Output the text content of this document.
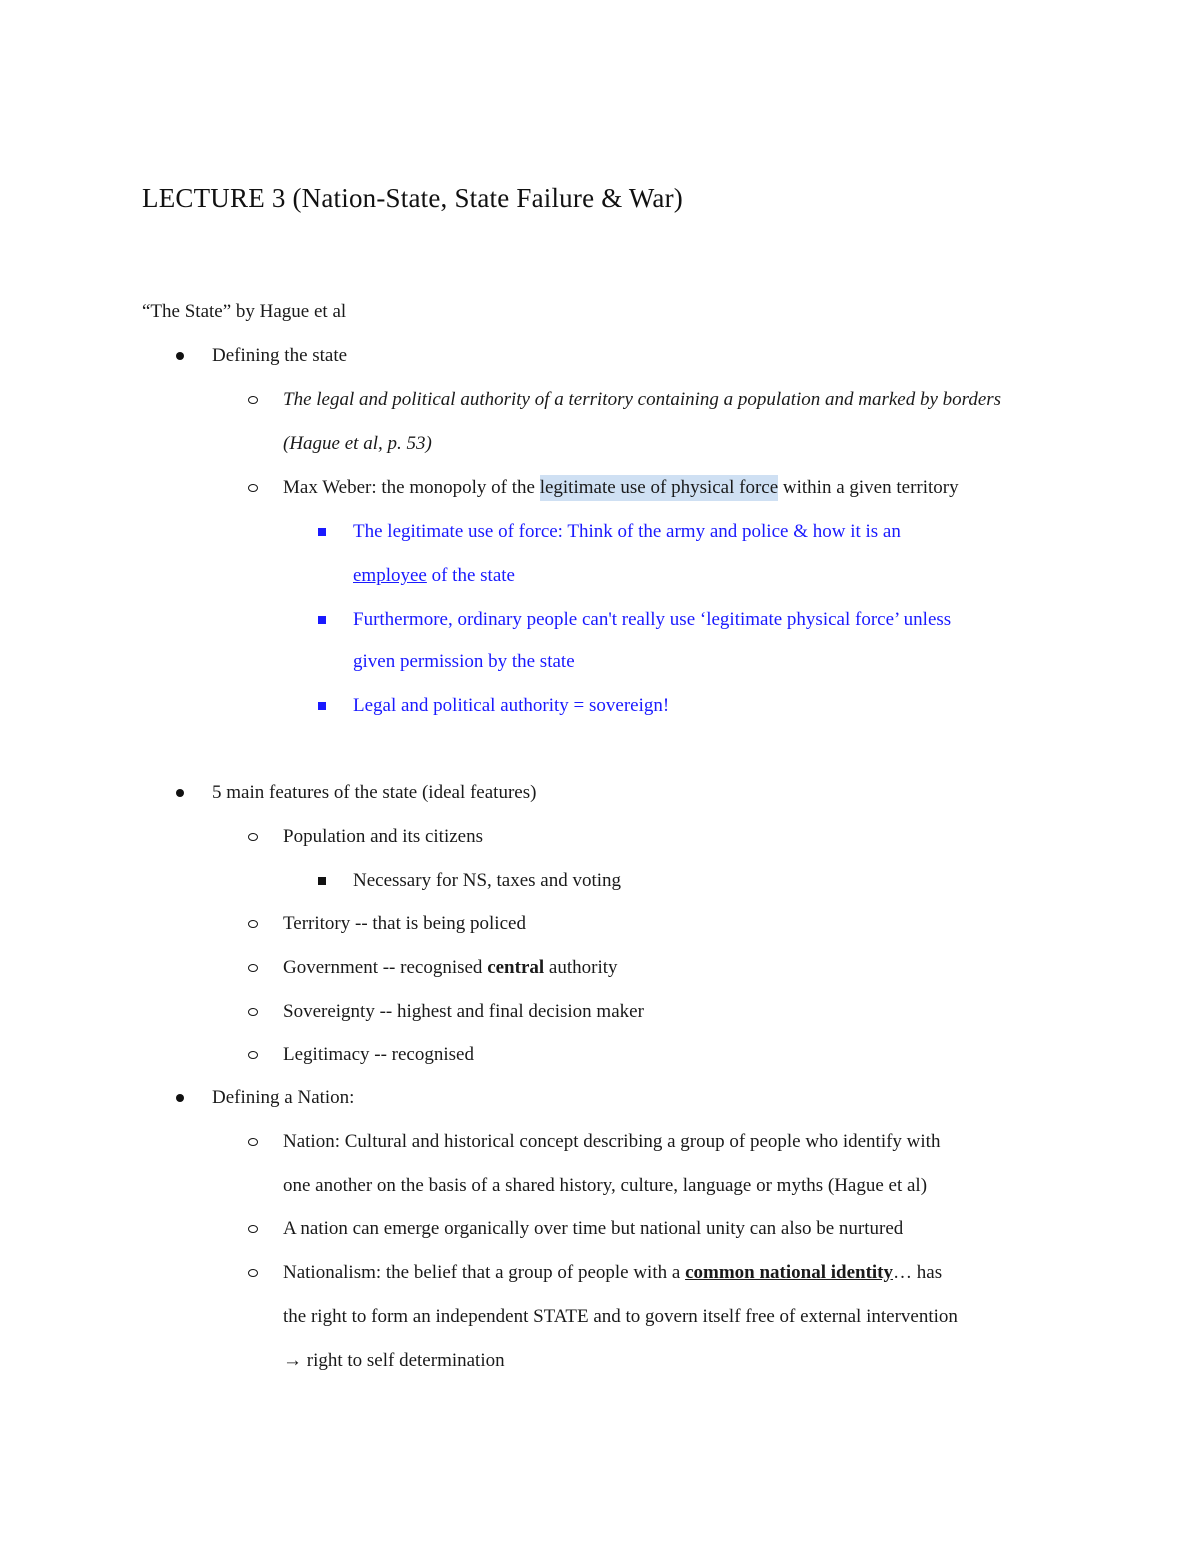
LECTURE 3 (Nation-State, State Failure & War)
“The State” by Hague et al
Defining the state
The legal and political authority of a territory containing a population and marked by borders
(Hague et al, p. 53)
Max Weber: the monopoly of the legitimate use of physical force within a given territory
The legitimate use of force: Think of the army and police & how it is an
employee of the state
Furthermore, ordinary people can't really use ‘legitimate physical force’ unless
given permission by the state
Legal and political authority = sovereign!
5 main features of the state (ideal features)
Population and its citizens
Necessary for NS, taxes and voting
Territory -- that is being policed
Government -- recognised central authority
Sovereignty -- highest and final decision maker
Legitimacy -- recognised
Defining a Nation:
Nation: Cultural and historical concept describing a group of people who identify with
one another on the basis of a shared history, culture, language or myths (Hague et al)
A nation can emerge organically over time but national unity can also be nurtured
Nationalism: the belief that a group of people with a common national identity… has
the right to form an independent STATE and to govern itself free of external intervention
→ right to self determination
